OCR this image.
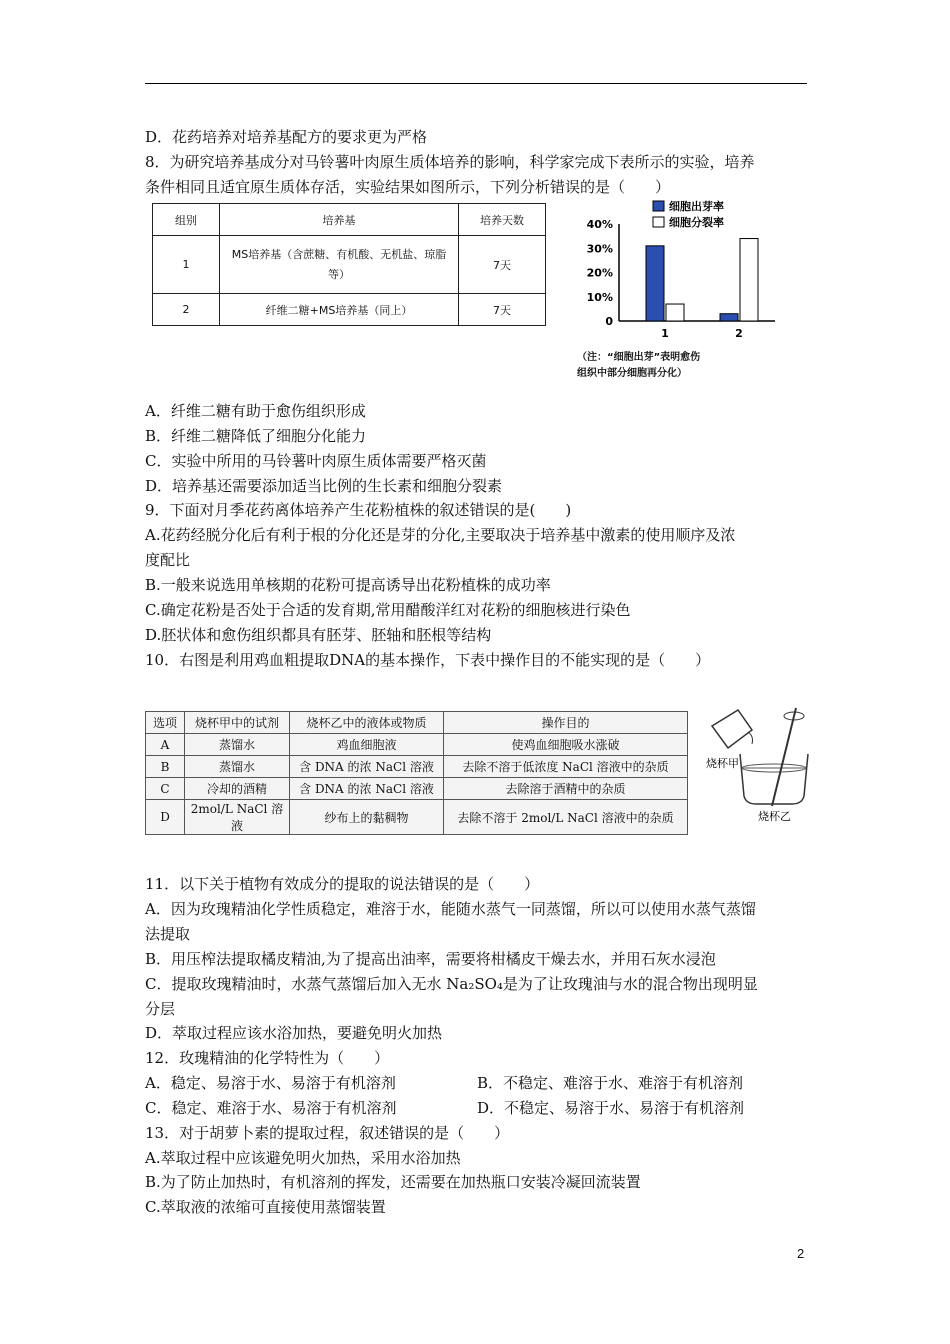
D．花药培养对培养基配方的要求更为严格
8．为研究培养基成分对马铃薯叶肉原生质体培养的影响，科学家完成下表所示的实验，培养
条件相同且适宜原生质体存活，实验结果如图所示，下列分析错误的是（　　）
组别	培养基	培养天数
1	MS培养基（含蔗糖、有机酸、无机盐、琼脂等）	7天
2	纤维二糖+MS培养基（同上）	7天
0
10%
20%
30%
40%
1	2
细胞出芽率
细胞分裂率
（注：“细胞出芽”表明愈伤
组织中部分细胞再分化）
A．纤维二糖有助于愈伤组织形成
B．纤维二糖降低了细胞分化能力
C．实验中所用的马铃薯叶肉原生质体需要严格灭菌
D．培养基还需要添加适当比例的生长素和细胞分裂素
9．下面对月季花药离体培养产生花粉植株的叙述错误的是(　　)
A.花药经脱分化后有利于根的分化还是芽的分化,主要取决于培养基中激素的使用顺序及浓
度配比
B.一般来说选用单核期的花粉可提高诱导出花粉植株的成功率
C.确定花粉是否处于合适的发育期,常用醋酸洋红对花粉的细胞核进行染色
D.胚状体和愈伤组织都具有胚芽、胚轴和胚根等结构
10．右图是利用鸡血粗提取DNA的基本操作，下表中操作目的不能实现的是（　　）
选项	烧杯甲中的试剂	烧杯乙中的液体或物质	操作目的
A	蒸馏水	鸡血细胞液	使鸡血细胞吸水涨破
B	蒸馏水	含 DNA 的浓 NaCl 溶液	去除不溶于低浓度 NaCl 溶液中的杂质
C	冷却的酒精	含 DNA 的浓 NaCl 溶液	去除溶于酒精中的杂质
D	2mol/L NaCl 溶液	纱布上的黏稠物	去除不溶于 2mol/L NaCl 溶液中的杂质
烧杯甲
烧杯乙
11．以下关于植物有效成分的提取的说法错误的是（　　）
A．因为玫瑰精油化学性质稳定，难溶于水，能随水蒸气一同蒸馏，所以可以使用水蒸气蒸馏
法提取
B．用压榨法提取橘皮精油,为了提高出油率，需要将柑橘皮干燥去水，并用石灰水浸泡
C．提取玫瑰精油时，水蒸气蒸馏后加入无水 Na₂SO₄是为了让玫瑰油与水的混合物出现明显
分层
D．萃取过程应该水浴加热，要避免明火加热
12．玫瑰精油的化学特性为（　　）
A．稳定、易溶于水、易溶于有机溶剂	B．不稳定、难溶于水、难溶于有机溶剂
C．稳定、难溶于水、易溶于有机溶剂	D．不稳定、易溶于水、易溶于有机溶剂
13．对于胡萝卜素的提取过程，叙述错误的是（　　）
A.萃取过程中应该避免明火加热，采用水浴加热
B.为了防止加热时，有机溶剂的挥发，还需要在加热瓶口安装冷凝回流装置
C.萃取液的浓缩可直接使用蒸馏装置
2
